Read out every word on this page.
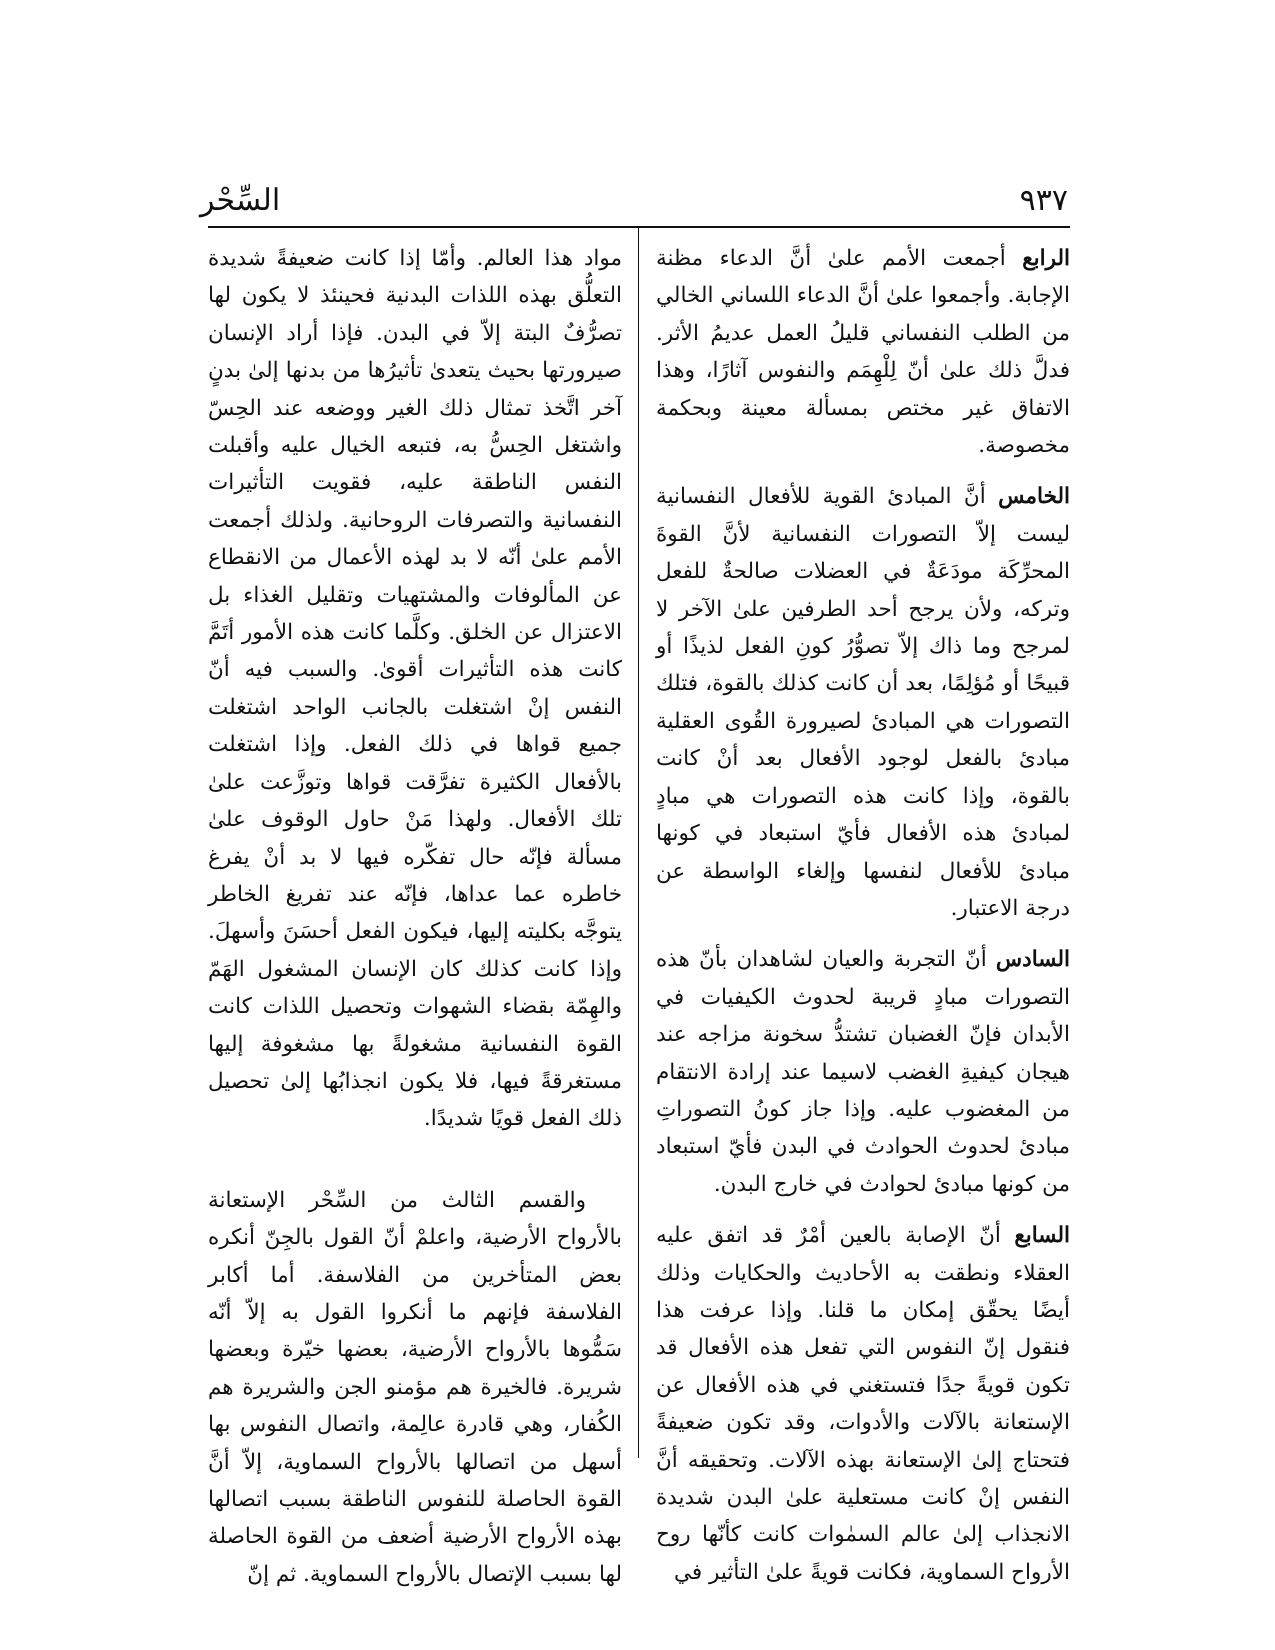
٩٣٧
السِّحْر

الرابع أجمعت الأمم علىٰ أنَّ الدعاء مظنة الإجابة. وأجمعوا علىٰ أنَّ الدعاء اللساني الخالي من الطلب النفساني قليلُ العمل عديمُ الأثر. فدلَّ ذلك علىٰ أنّ لِلْهِمَم والنفوس آثارًا، وهذا الاتفاق غير مختص بمسألة معينة وبحكمة مخصوصة.

الخامس أنَّ المبادئ القوية للأفعال النفسانية ليست إلاّ التصورات النفسانية لأنَّ القوةَ المحرِّكَة مودَعَةٌ في العضلات صالحةٌ للفعل وتركه، ولأن يرجح أحد الطرفين علىٰ الآخر لا لمرجح وما ذاك إلاّ تصوُّرُ كونِ الفعل لذيذًا أو قبيحًا أو مُؤلِمًا، بعد أن كانت كذلك بالقوة، فتلك التصورات هي المبادئ لصيرورة القُوى العقلية مبادئ بالفعل لوجود الأفعال بعد أنْ كانت بالقوة، وإذا كانت هذه التصورات هي مبادٍ لمبادئ هذه الأفعال فأيّ استبعاد في كونها مبادئ للأفعال لنفسها وإلغاء الواسطة عن درجة الاعتبار.

السادس أنّ التجربة والعيان لشاهدان بأنّ هذه التصورات مبادٍ قريبة لحدوث الكيفيات في الأبدان فإنّ الغضبان تشتدُّ سخونة مزاجه عند هيجان كيفيةِ الغضب لاسيما عند إرادة الانتقام من المغضوب عليه. وإذا جاز كونُ التصوراتِ مبادئ لحدوث الحوادث في البدن فأيّ استبعاد من كونها مبادئ لحوادث في خارج البدن.

السابع أنّ الإصابة بالعين أمْرٌ قد اتفق عليه العقلاء ونطقت به الأحاديث والحكايات وذلك أيضًا يحقّق إمكان ما قلنا. وإذا عرفت هذا فنقول إنّ النفوس التي تفعل هذه الأفعال قد تكون قويةً جدًا فتستغني في هذه الأفعال عن الإستعانة بالآلات والأدوات، وقد تكون ضعيفةً فتحتاج إلىٰ الإستعانة بهذه الآلات. وتحقيقه أنَّ النفس إنْ كانت مستعلية علىٰ البدن شديدة الانجذاب إلىٰ عالم السمٰوات كانت كأنّها روح الأرواح السماوية، فكانت قويةً علىٰ التأثير في

مواد هذا العالم. وأمّا إذا كانت ضعيفةً شديدة التعلُّق بهذه اللذات البدنية فحينئذ لا يكون لها تصرُّفٌ البتة إلاّ في البدن. فإذا أراد الإنسان صيرورتها بحيث يتعدىٰ تأثيرُها من بدنها إلىٰ بدنٍ آخر اتَّخذ تمثال ذلك الغير ووضعه عند الحِسّ واشتغل الحِسُّ به، فتبعه الخيال عليه وأقبلت النفس الناطقة عليه، فقويت التأثيرات النفسانية والتصرفات الروحانية. ولذلك أجمعت الأمم علىٰ أنّه لا بد لهذه الأعمال من الانقطاع عن المألوفات والمشتهيات وتقليل الغذاء بل الاعتزال عن الخلق. وكلَّما كانت هذه الأمور أتَمَّ كانت هذه التأثيرات أقوىٰ. والسبب فيه أنّ النفس إنْ اشتغلت بالجانب الواحد اشتغلت جميع قواها في ذلك الفعل. وإذا اشتغلت بالأفعال الكثيرة تفرَّقت قواها وتوزَّعت علىٰ تلك الأفعال. ولهذا مَنْ حاول الوقوف علىٰ مسألة فإنّه حال تفكّره فيها لا بد أنْ يفرغ خاطره عما عداها، فإنّه عند تفريغ الخاطر يتوجَّه بكليته إليها، فيكون الفعل أحسَنَ وأسهلَ. وإذا كانت كذلك كان الإنسان المشغول الهَمّ والهِمّة بقضاء الشهوات وتحصيل اللذات كانت القوة النفسانية مشغولةً بها مشغوفة إليها مستغرقةً فيها، فلا يكون انجذابُها إلىٰ تحصيل ذلك الفعل قويًا شديدًا.

والقسم الثالث من السِّحْر الإستعانة بالأرواح الأرضية، واعلمْ أنّ القول بالجِنّ أنكره بعض المتأخرين من الفلاسفة. أما أكابر الفلاسفة فإنهم ما أنكروا القول به إلاّ أنّه سَمُّوها بالأرواح الأرضية، بعضها خيّرة وبعضها شريرة. فالخيرة هم مؤمنو الجن والشريرة هم الكُفار، وهي قادرة عالِمة، واتصال النفوس بها أسهل من اتصالها بالأرواح السماوية، إلاّ أنَّ القوة الحاصلة للنفوس الناطقة بسبب اتصالها بهذه الأرواح الأرضية أضعف من القوة الحاصلة لها بسبب الإتصال بالأرواح السماوية. ثم إنّ
